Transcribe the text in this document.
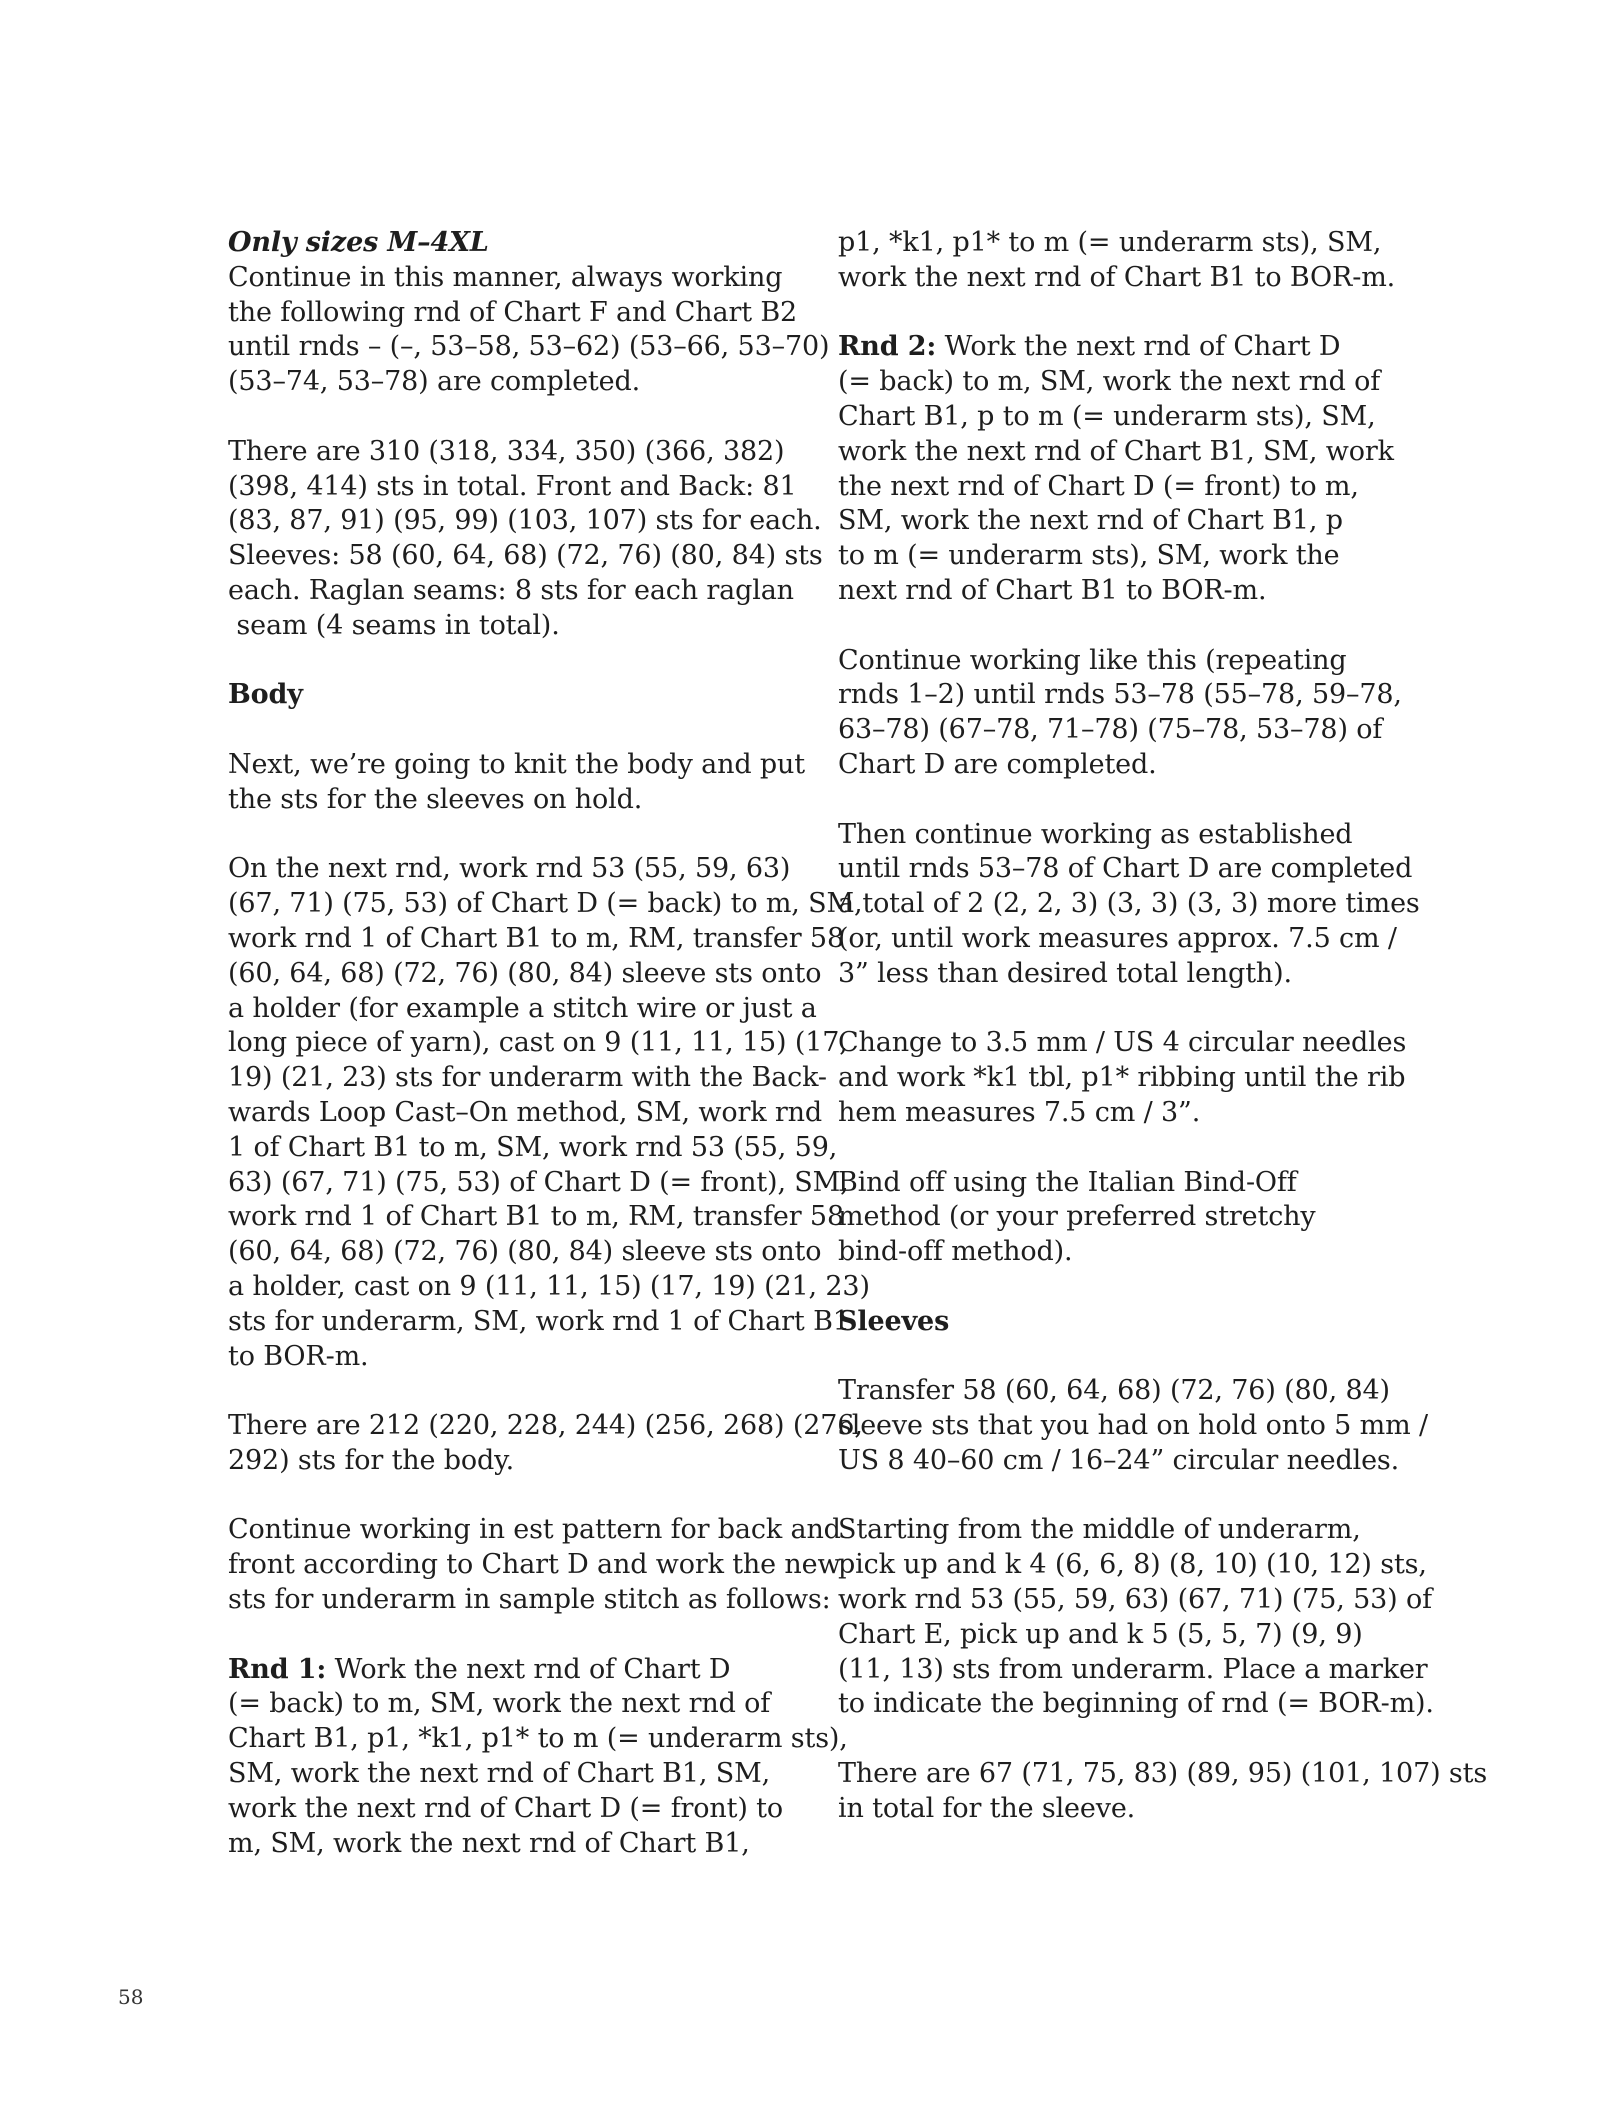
Only sizes M–4XL
Continue in this manner, always working
the following rnd of Chart F and Chart B2
until rnds – (–, 53–58, 53–62) (53–66, 53–70)
(53–74, 53–78) are completed.
There are 310 (318, 334, 350) (366, 382)
(398, 414) sts in total. Front and Back: 81
(83, 87, 91) (95, 99) (103, 107) sts for each.
Sleeves: 58 (60, 64, 68) (72, 76) (80, 84) sts
each. Raglan seams: 8 sts for each raglan
seam (4 seams in total).
Body
Next, we’re going to knit the body and put
the sts for the sleeves on hold.
On the next rnd, work rnd 53 (55, 59, 63)
(67, 71) (75, 53) of Chart D (= back) to m, SM,
work rnd 1 of Chart B1 to m, RM, transfer 58
(60, 64, 68) (72, 76) (80, 84) sleeve sts onto
a holder (for example a stitch wire or just a
long piece of yarn), cast on 9 (11, 11, 15) (17,
19) (21, 23) sts for underarm with the Back-
wards Loop Cast–On method, SM, work rnd
1 of Chart B1 to m, SM, work rnd 53 (55, 59,
63) (67, 71) (75, 53) of Chart D (= front), SM,
work rnd 1 of Chart B1 to m, RM, transfer 58
(60, 64, 68) (72, 76) (80, 84) sleeve sts onto
a holder, cast on 9 (11, 11, 15) (17, 19) (21, 23)
sts for underarm, SM, work rnd 1 of Chart B1
to BOR-m.
There are 212 (220, 228, 244) (256, 268) (276,
292) sts for the body.
Continue working in est pattern for back and
front according to Chart D and work the new
sts for underarm in sample stitch as follows:
Rnd 1: Work the next rnd of Chart D
(= back) to m, SM, work the next rnd of
Chart B1, p1, *k1, p1* to m (= underarm sts),
SM, work the next rnd of Chart B1, SM,
work the next rnd of Chart D (= front) to
m, SM, work the next rnd of Chart B1,
p1, *k1, p1* to m (= underarm sts), SM,
work the next rnd of Chart B1 to BOR-m.
Rnd 2: Work the next rnd of Chart D
(= back) to m, SM, work the next rnd of
Chart B1, p to m (= underarm sts), SM,
work the next rnd of Chart B1, SM, work
the next rnd of Chart D (= front) to m,
SM, work the next rnd of Chart B1, p
to m (= underarm sts), SM, work the
next rnd of Chart B1 to BOR-m.
Continue working like this (repeating
rnds 1–2) until rnds 53–78 (55–78, 59–78,
63–78) (67–78, 71–78) (75–78, 53–78) of
Chart D are completed.
Then continue working as established
until rnds 53–78 of Chart D are completed
a total of 2 (2, 2, 3) (3, 3) (3, 3) more times
(or, until work measures approx. 7.5 cm /
3” less than desired total length).
Change to 3.5 mm / US 4 circular needles
and work *k1 tbl, p1* ribbing until the rib
hem measures 7.5 cm / 3”.
Bind off using the Italian Bind-Off
method (or your preferred stretchy
bind-off method).
Sleeves
Transfer 58 (60, 64, 68) (72, 76) (80, 84)
sleeve sts that you had on hold onto 5 mm /
US 8 40–60 cm / 16–24” circular needles.
Starting from the middle of underarm,
pick up and k 4 (6, 6, 8) (8, 10) (10, 12) sts,
work rnd 53 (55, 59, 63) (67, 71) (75, 53) of
Chart E, pick up and k 5 (5, 5, 7) (9, 9)
(11, 13) sts from underarm. Place a marker
to indicate the beginning of rnd (= BOR-m).
There are 67 (71, 75, 83) (89, 95) (101, 107) sts
in total for the sleeve.
58
